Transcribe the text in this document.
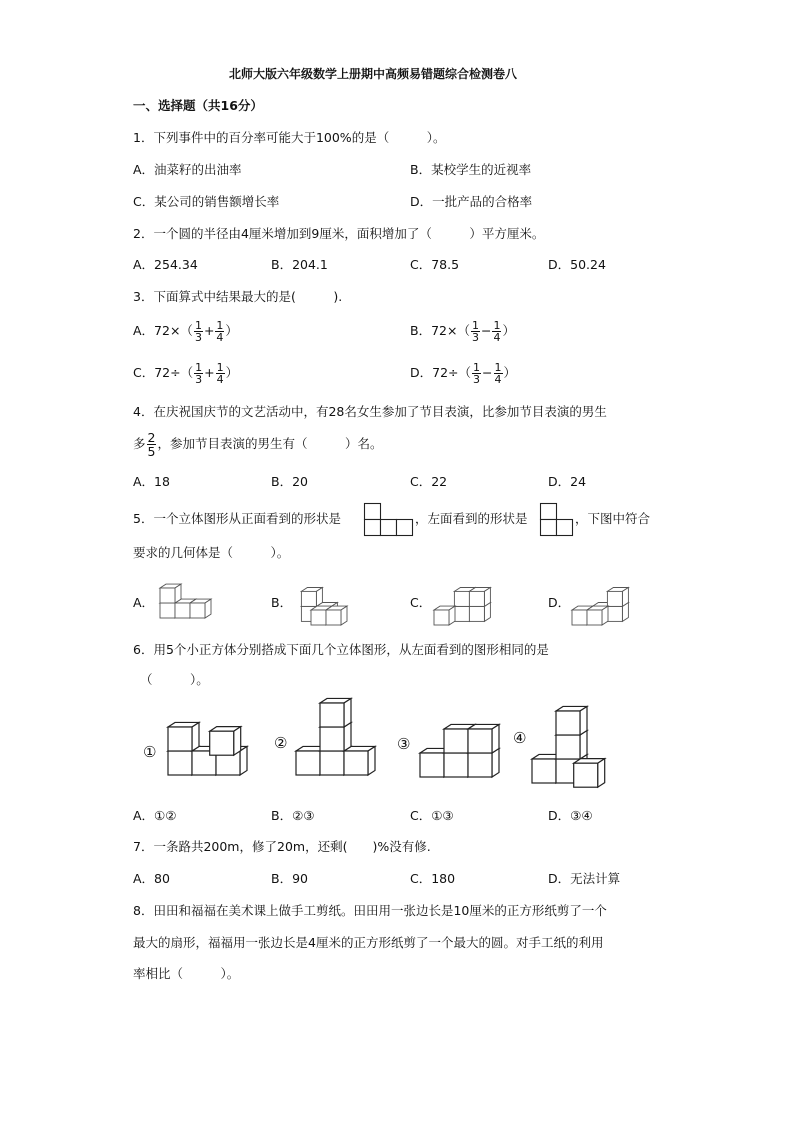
北师大版六年级数学上册期中高频易错题综合检测卷八
一、选择题（共16分）
1．下列事件中的百分率可能大于100%的是（　　　）。
A．油菜籽的出油率	B．某校学生的近视率
C．某公司的销售额增长率	D．一批产品的合格率
2．一个圆的半径由4厘米增加到9厘米，面积增加了（　　　）平方厘米。
A．254.34	B．204.1	C．78.5	D．50.24
3．下面算式中结果最大的是(　　　).
A．$72\times( \frac{1}{3} + \frac{1}{4}$ ）	B．$72\times( \frac{1}{3} - \frac{1}{4}$ ）
C．$72\div( \frac{1}{3} + \frac{1}{4}$ ）	D．$72\div( \frac{1}{3} - \frac{1}{4}$ ）
4．在庆祝国庆节的文艺活动中，有28名女生参加了节目表演，比参加节目表演的男生
多 $\frac{2}{5}$ ，参加节目表演的男生有（　　　）名。
A．18	B．20	C．22	D．24
5．一个立体图形从正面看到的形状是	，左面看到的形状是	，下图中符合
要求的几何体是（　　　）。
A．	B．	C．	D．
6．用5个小正方体分别搭成下面几个立体图形，从左面看到的图形相同的是
（　　　）。
①	②	③	④
A．①②	B．②③	C．①③	D．③④
7．一条路共200m，修了20m，还剩(　　)%没有修.
A．80	B．90	C．180	D．无法计算
8．田田和福福在美术课上做手工剪纸。田田用一张边长是10厘米的正方形纸剪了一个
最大的扇形，福福用一张边长是4厘米的正方形纸剪了一个最大的圆。对手工纸的利用
率相比（　　　）。
